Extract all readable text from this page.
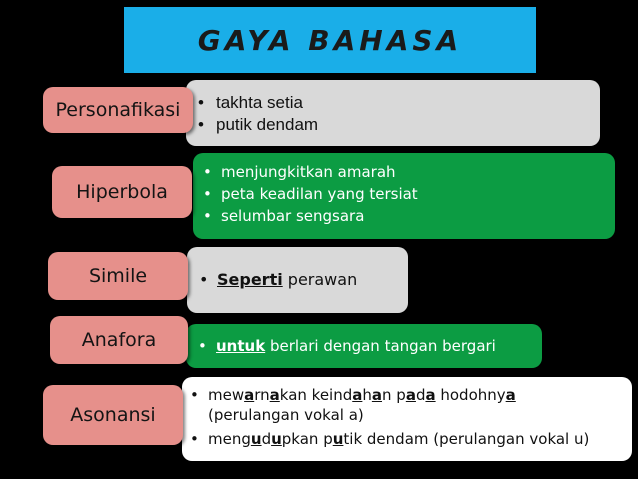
GAYA BAHASA
• takhta setia
• putik dendam
Personafikasi
• menjungkitkan amarah
• peta keadilan yang tersiat
• selumbar sengsara
Hiperbola
• Seperti perawan
Simile
• untuk berlari dengan tangan bergari
Anafora
• mewarnakan keindahan pada hodohnya
(perulangan vokal a)
• mengudupkan putik dendam (perulangan vokal u)
Asonansi
